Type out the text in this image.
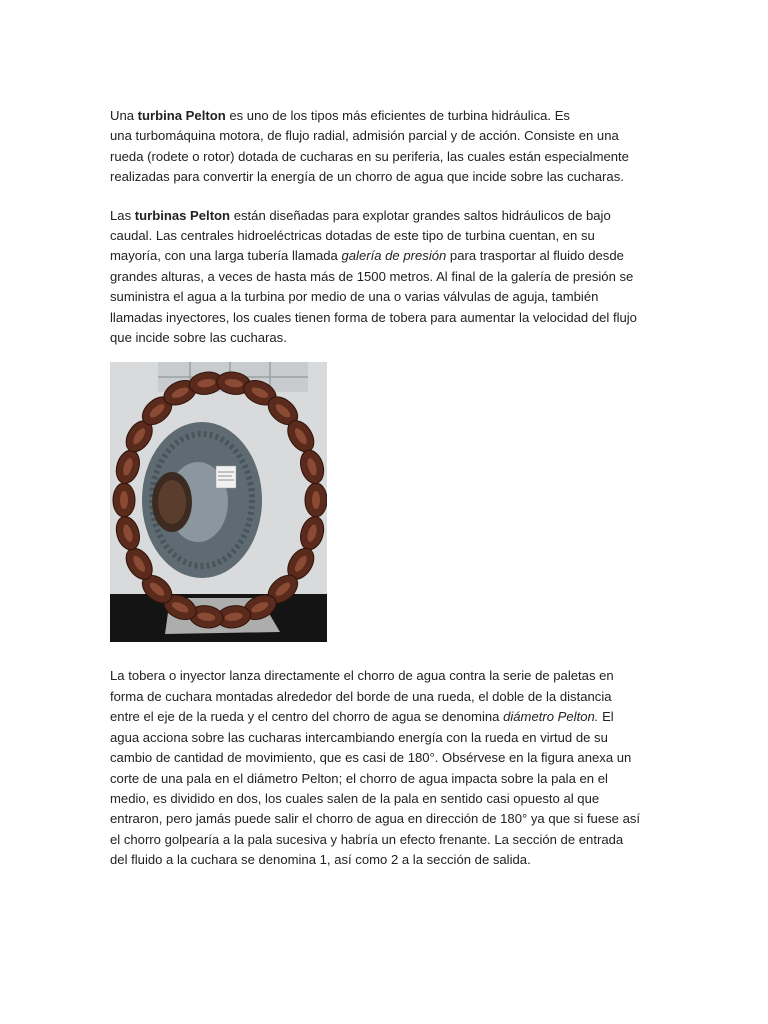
Una turbina Pelton es uno de los tipos más eficientes de turbina hidráulica. Es
una turbomáquina motora, de flujo radial, admisión parcial y de acción. Consiste en una
rueda (rodete o rotor) dotada de cucharas en su periferia, las cuales están especialmente
realizadas para convertir la energía de un chorro de agua que incide sobre las cucharas.
Las turbinas Pelton están diseñadas para explotar grandes saltos hidráulicos de bajo
caudal. Las centrales hidroeléctricas dotadas de este tipo de turbina cuentan, en su
mayoría, con una larga tubería llamada galería de presión para trasportar al fluido desde
grandes alturas, a veces de hasta más de 1500 metros. Al final de la galería de presión se
suministra el agua a la turbina por medio de una o varias válvulas de aguja, también
llamadas inyectores, los cuales tienen forma de tobera para aumentar la velocidad del flujo
que incide sobre las cucharas.
La tobera o inyector lanza directamente el chorro de agua contra la serie de paletas en
forma de cuchara montadas alrededor del borde de una rueda, el doble de la distancia
entre el eje de la rueda y el centro del chorro de agua se denomina diámetro Pelton. El
agua acciona sobre las cucharas intercambiando energía con la rueda en virtud de su
cambio de cantidad de movimiento, que es casi de 180°. Obsérvese en la figura anexa un
corte de una pala en el diámetro Pelton; el chorro de agua impacta sobre la pala en el
medio, es dividido en dos, los cuales salen de la pala en sentido casi opuesto al que
entraron, pero jamás puede salir el chorro de agua en dirección de 180° ya que si fuese así
el chorro golpearía a la pala sucesiva y habría un efecto frenante. La sección de entrada
del fluido a la cuchara se denomina 1, así como 2 a la sección de salida.
